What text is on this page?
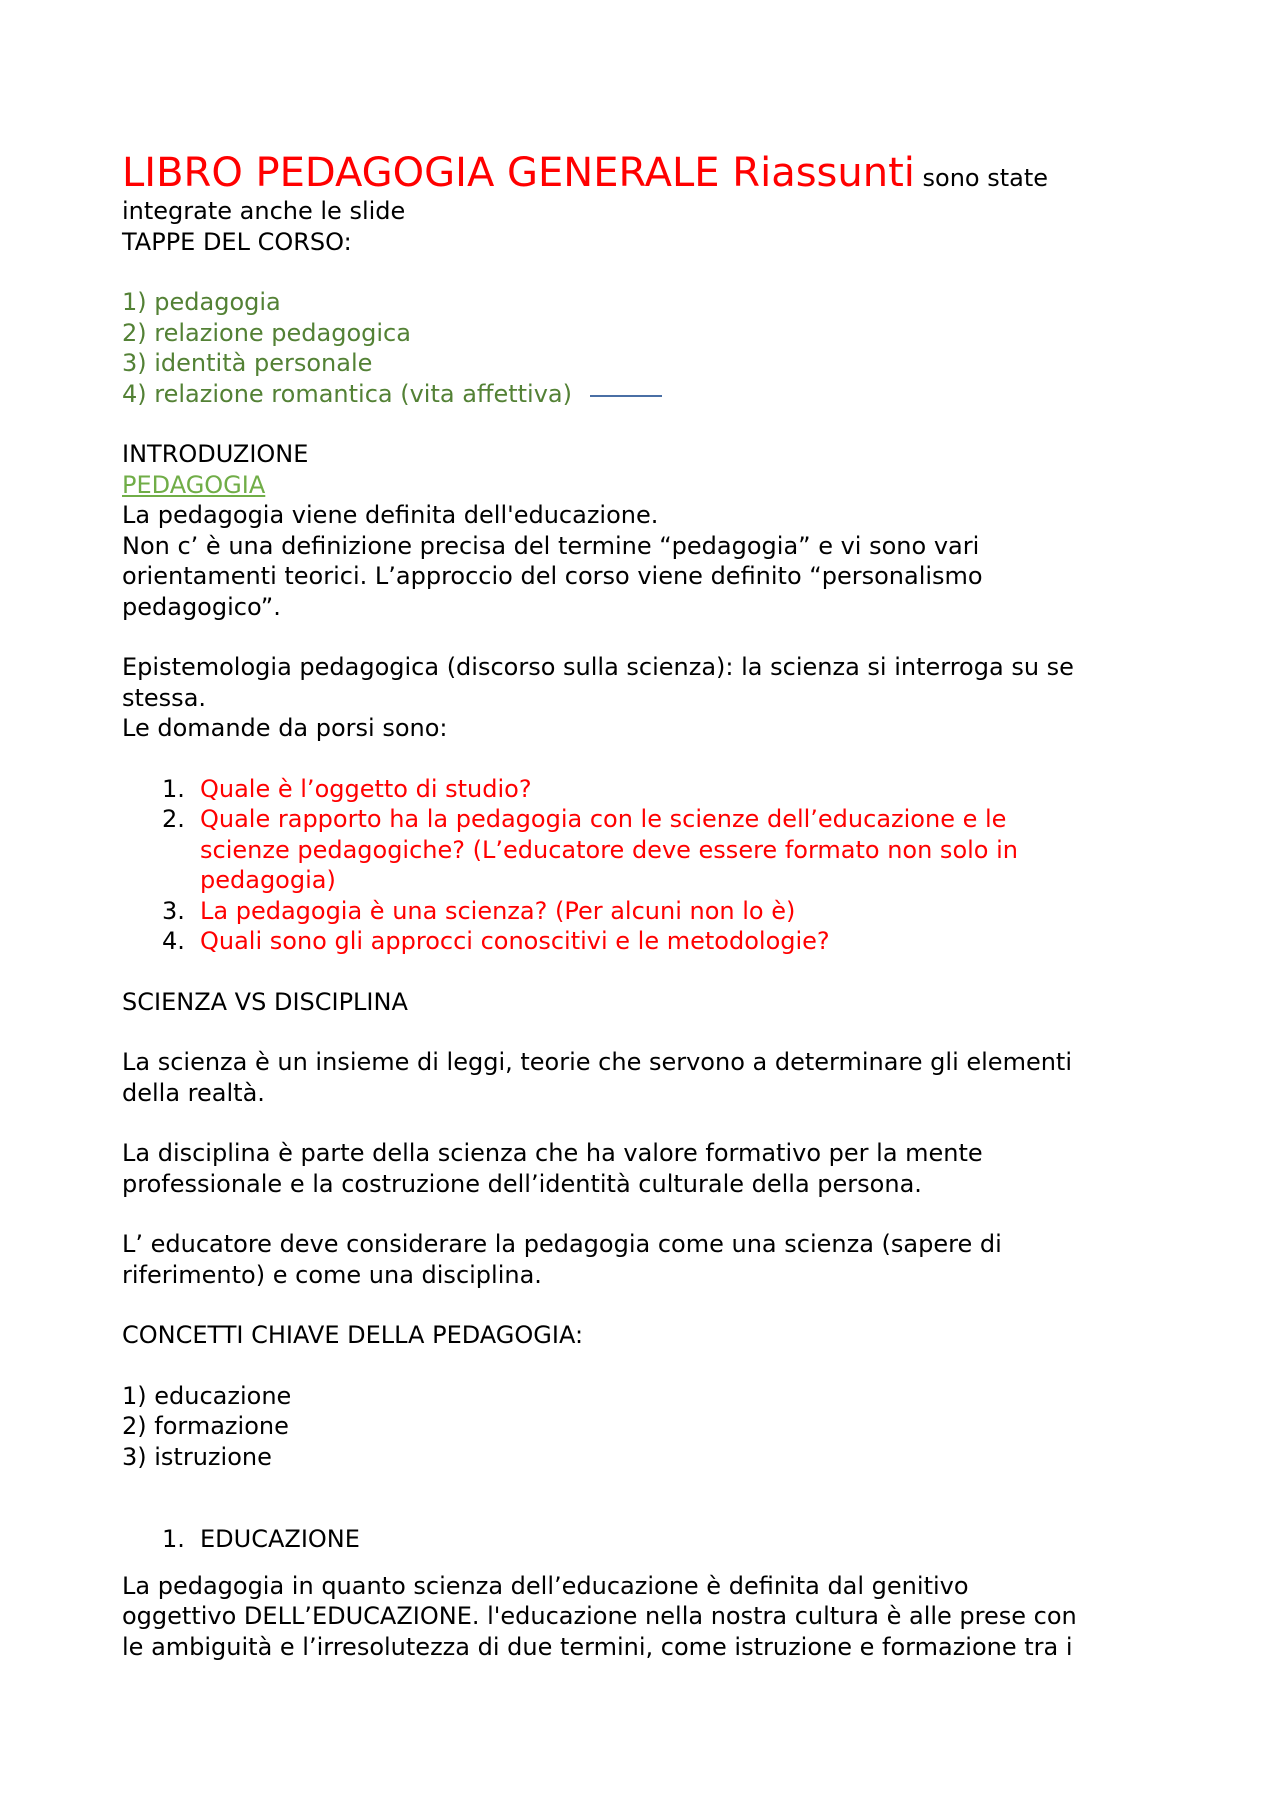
LIBRO PEDAGOGIA GENERALE Riassunti sono state
integrate anche le slide
TAPPE DEL CORSO:
1) pedagogia
2) relazione pedagogica
3) identità personale
4) relazione romantica (vita affettiva)
INTRODUZIONE
PEDAGOGIA
La pedagogia viene definita dell'educazione.
Non c’ è una definizione precisa del termine “pedagogia” e vi sono vari
orientamenti teorici. L’approccio del corso viene definito “personalismo
pedagogico”.
Epistemologia pedagogica (discorso sulla scienza): la scienza si interroga su se
stessa.
Le domande da porsi sono:
1. Quale è l’oggetto di studio?
2. Quale rapporto ha la pedagogia con le scienze dell’educazione e le
scienze pedagogiche? (L’educatore deve essere formato non solo in
pedagogia)
3. La pedagogia è una scienza? (Per alcuni non lo è)
4. Quali sono gli approcci conoscitivi e le metodologie?
SCIENZA VS DISCIPLINA
La scienza è un insieme di leggi, teorie che servono a determinare gli elementi
della realtà.
La disciplina è parte della scienza che ha valore formativo per la mente
professionale e la costruzione dell’identità culturale della persona.
L’ educatore deve considerare la pedagogia come una scienza (sapere di
riferimento) e come una disciplina.
CONCETTI CHIAVE DELLA PEDAGOGIA:
1) educazione
2) formazione
3) istruzione
1. EDUCAZIONE
La pedagogia in quanto scienza dell’educazione è definita dal genitivo
oggettivo DELL’EDUCAZIONE. l'educazione nella nostra cultura è alle prese con
le ambiguità e l’irresolutezza di due termini, come istruzione e formazione tra i
